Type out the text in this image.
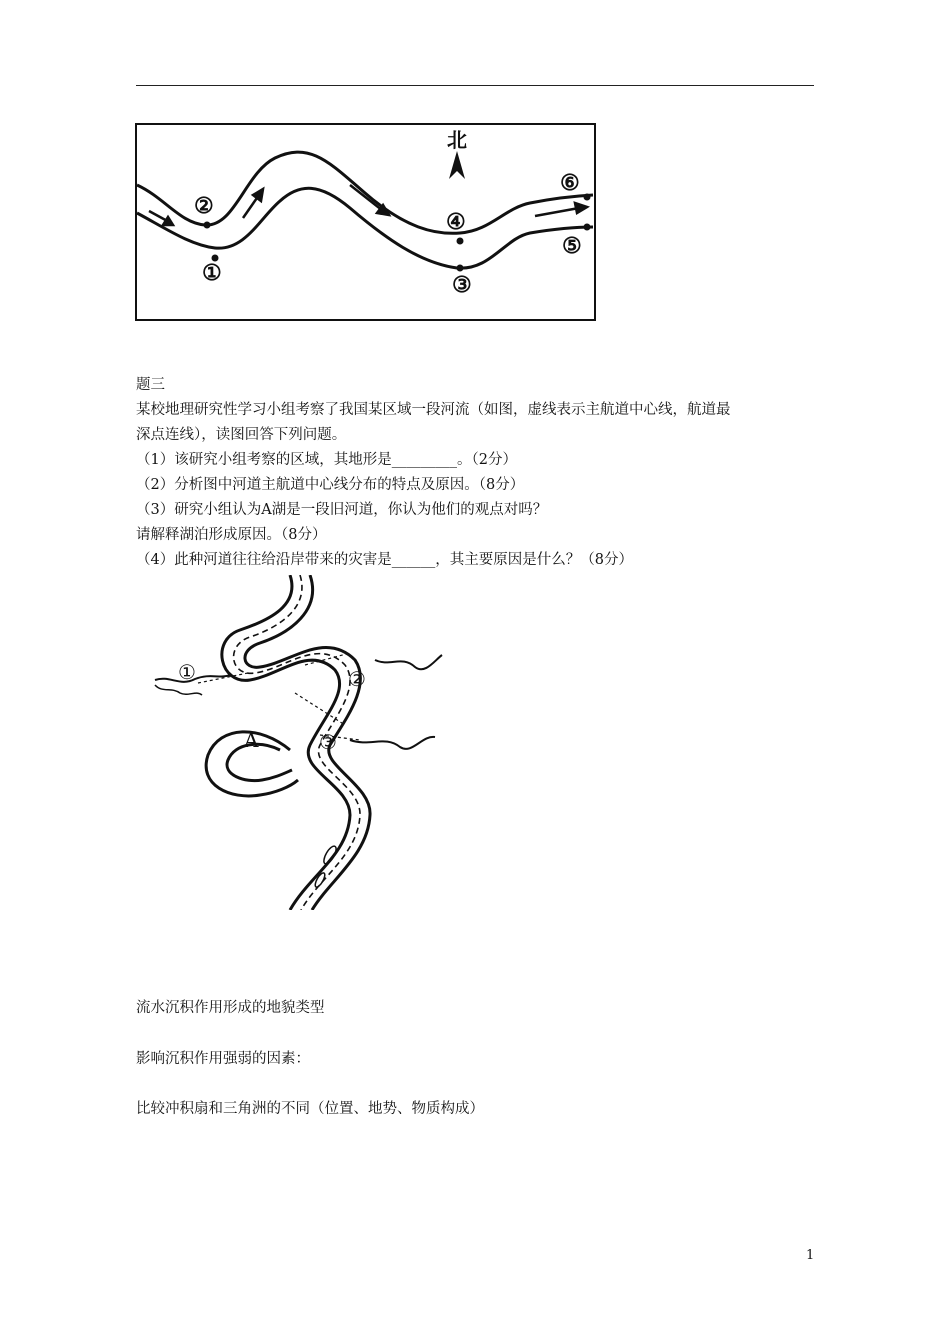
北
①
②
③
④
⑤
⑥
题三
某校地理研究性学习小组考察了我国某区域一段河流（如图，虚线表示主航道中心线，航道最
深点连线），读图回答下列问题。
（1）该研究小组考察的区域，其地形是_________。（2分）
（2）分析图中河道主航道中心线分布的特点及原因。（8分）
（3）研究小组认为A湖是一段旧河道，你认为他们的观点对吗？
请解释湖泊形成原因。（8分）
（4）此种河道往往给沿岸带来的灾害是______，其主要原因是什么？（8分）
①	②
③
A
流水沉积作用形成的地貌类型
影响沉积作用强弱的因素：
比较冲积扇和三角洲的不同（位置、地势、物质构成）
1
